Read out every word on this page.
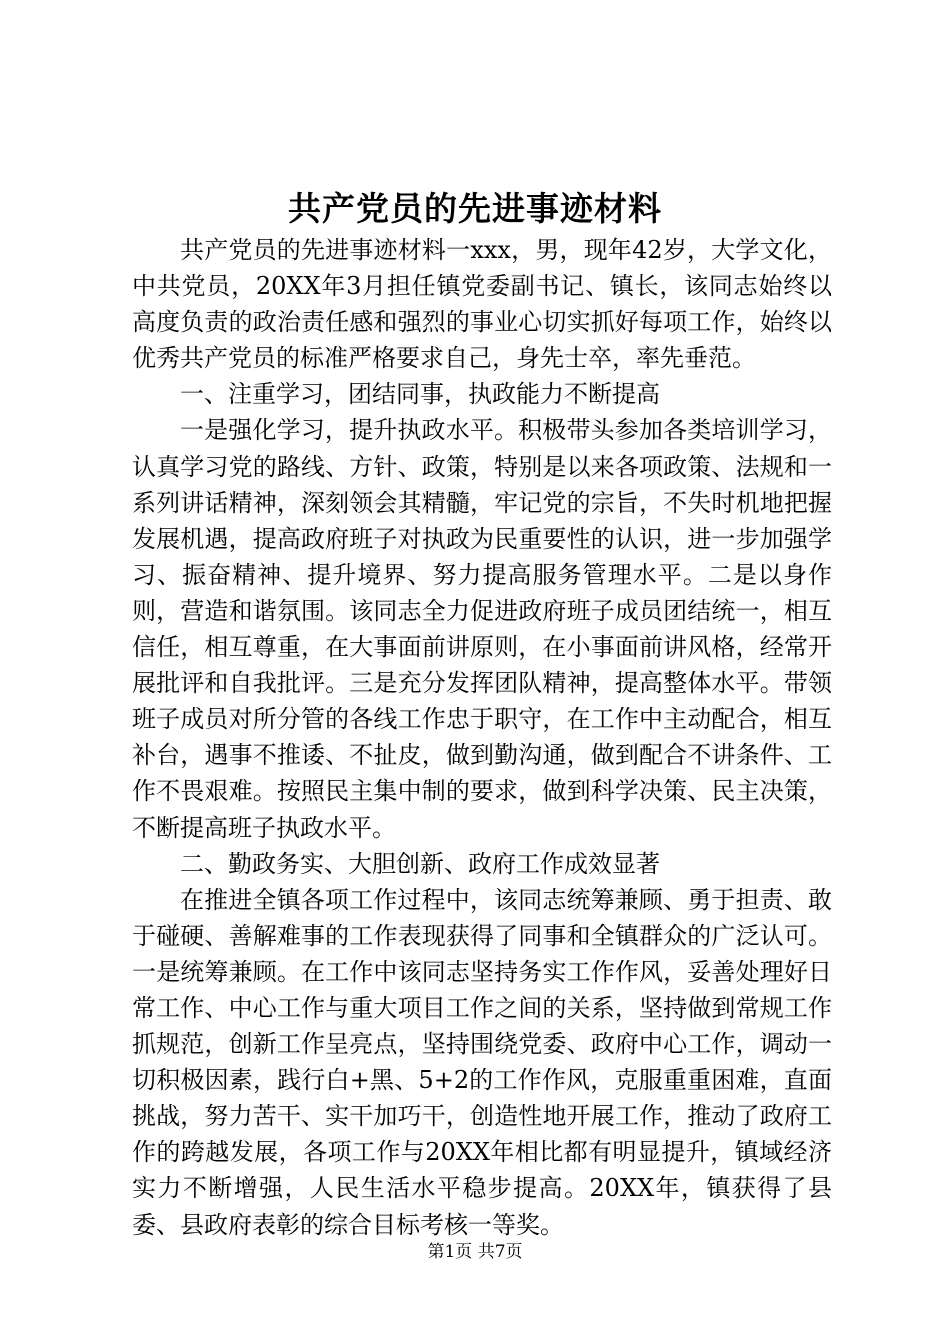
共产党员的先进事迹材料

共产党员的先进事迹材料一xxx，男，现年42岁，大学文化，中共党员，20XX年3月担任镇党委副书记、镇长，该同志始终以高度负责的政治责任感和强烈的事业心切实抓好每项工作，始终以优秀共产党员的标准严格要求自己，身先士卒，率先垂范。

一、注重学习，团结同事，执政能力不断提高

一是强化学习，提升执政水平。积极带头参加各类培训学习，认真学习党的路线、方针、政策，特别是以来各项政策、法规和一系列讲话精神，深刻领会其精髓，牢记党的宗旨，不失时机地把握发展机遇，提高政府班子对执政为民重要性的认识，进一步加强学习、振奋精神、提升境界、努力提高服务管理水平。二是以身作则，营造和谐氛围。该同志全力促进政府班子成员团结统一，相互信任，相互尊重，在大事面前讲原则，在小事面前讲风格，经常开展批评和自我批评。三是充分发挥团队精神，提高整体水平。带领班子成员对所分管的各线工作忠于职守，在工作中主动配合，相互补台，遇事不推诿、不扯皮，做到勤沟通，做到配合不讲条件、工作不畏艰难。按照民主集中制的要求，做到科学决策、民主决策，不断提高班子执政水平。

二、勤政务实、大胆创新、政府工作成效显著

在推进全镇各项工作过程中，该同志统筹兼顾、勇于担责、敢于碰硬、善解难事的工作表现获得了同事和全镇群众的广泛认可。一是统筹兼顾。在工作中该同志坚持务实工作作风，妥善处理好日常工作、中心工作与重大项目工作之间的关系，坚持做到常规工作抓规范，创新工作呈亮点，坚持围绕党委、政府中心工作，调动一切积极因素，践行白+黑、5+2的工作作风，克服重重困难，直面挑战，努力苦干、实干加巧干，创造性地开展工作，推动了政府工作的跨越发展，各项工作与20XX年相比都有明显提升，镇域经济实力不断增强，人民生活水平稳步提高。20XX年，镇获得了县委、县政府表彰的综合目标考核一等奖。

第1页 共7页
